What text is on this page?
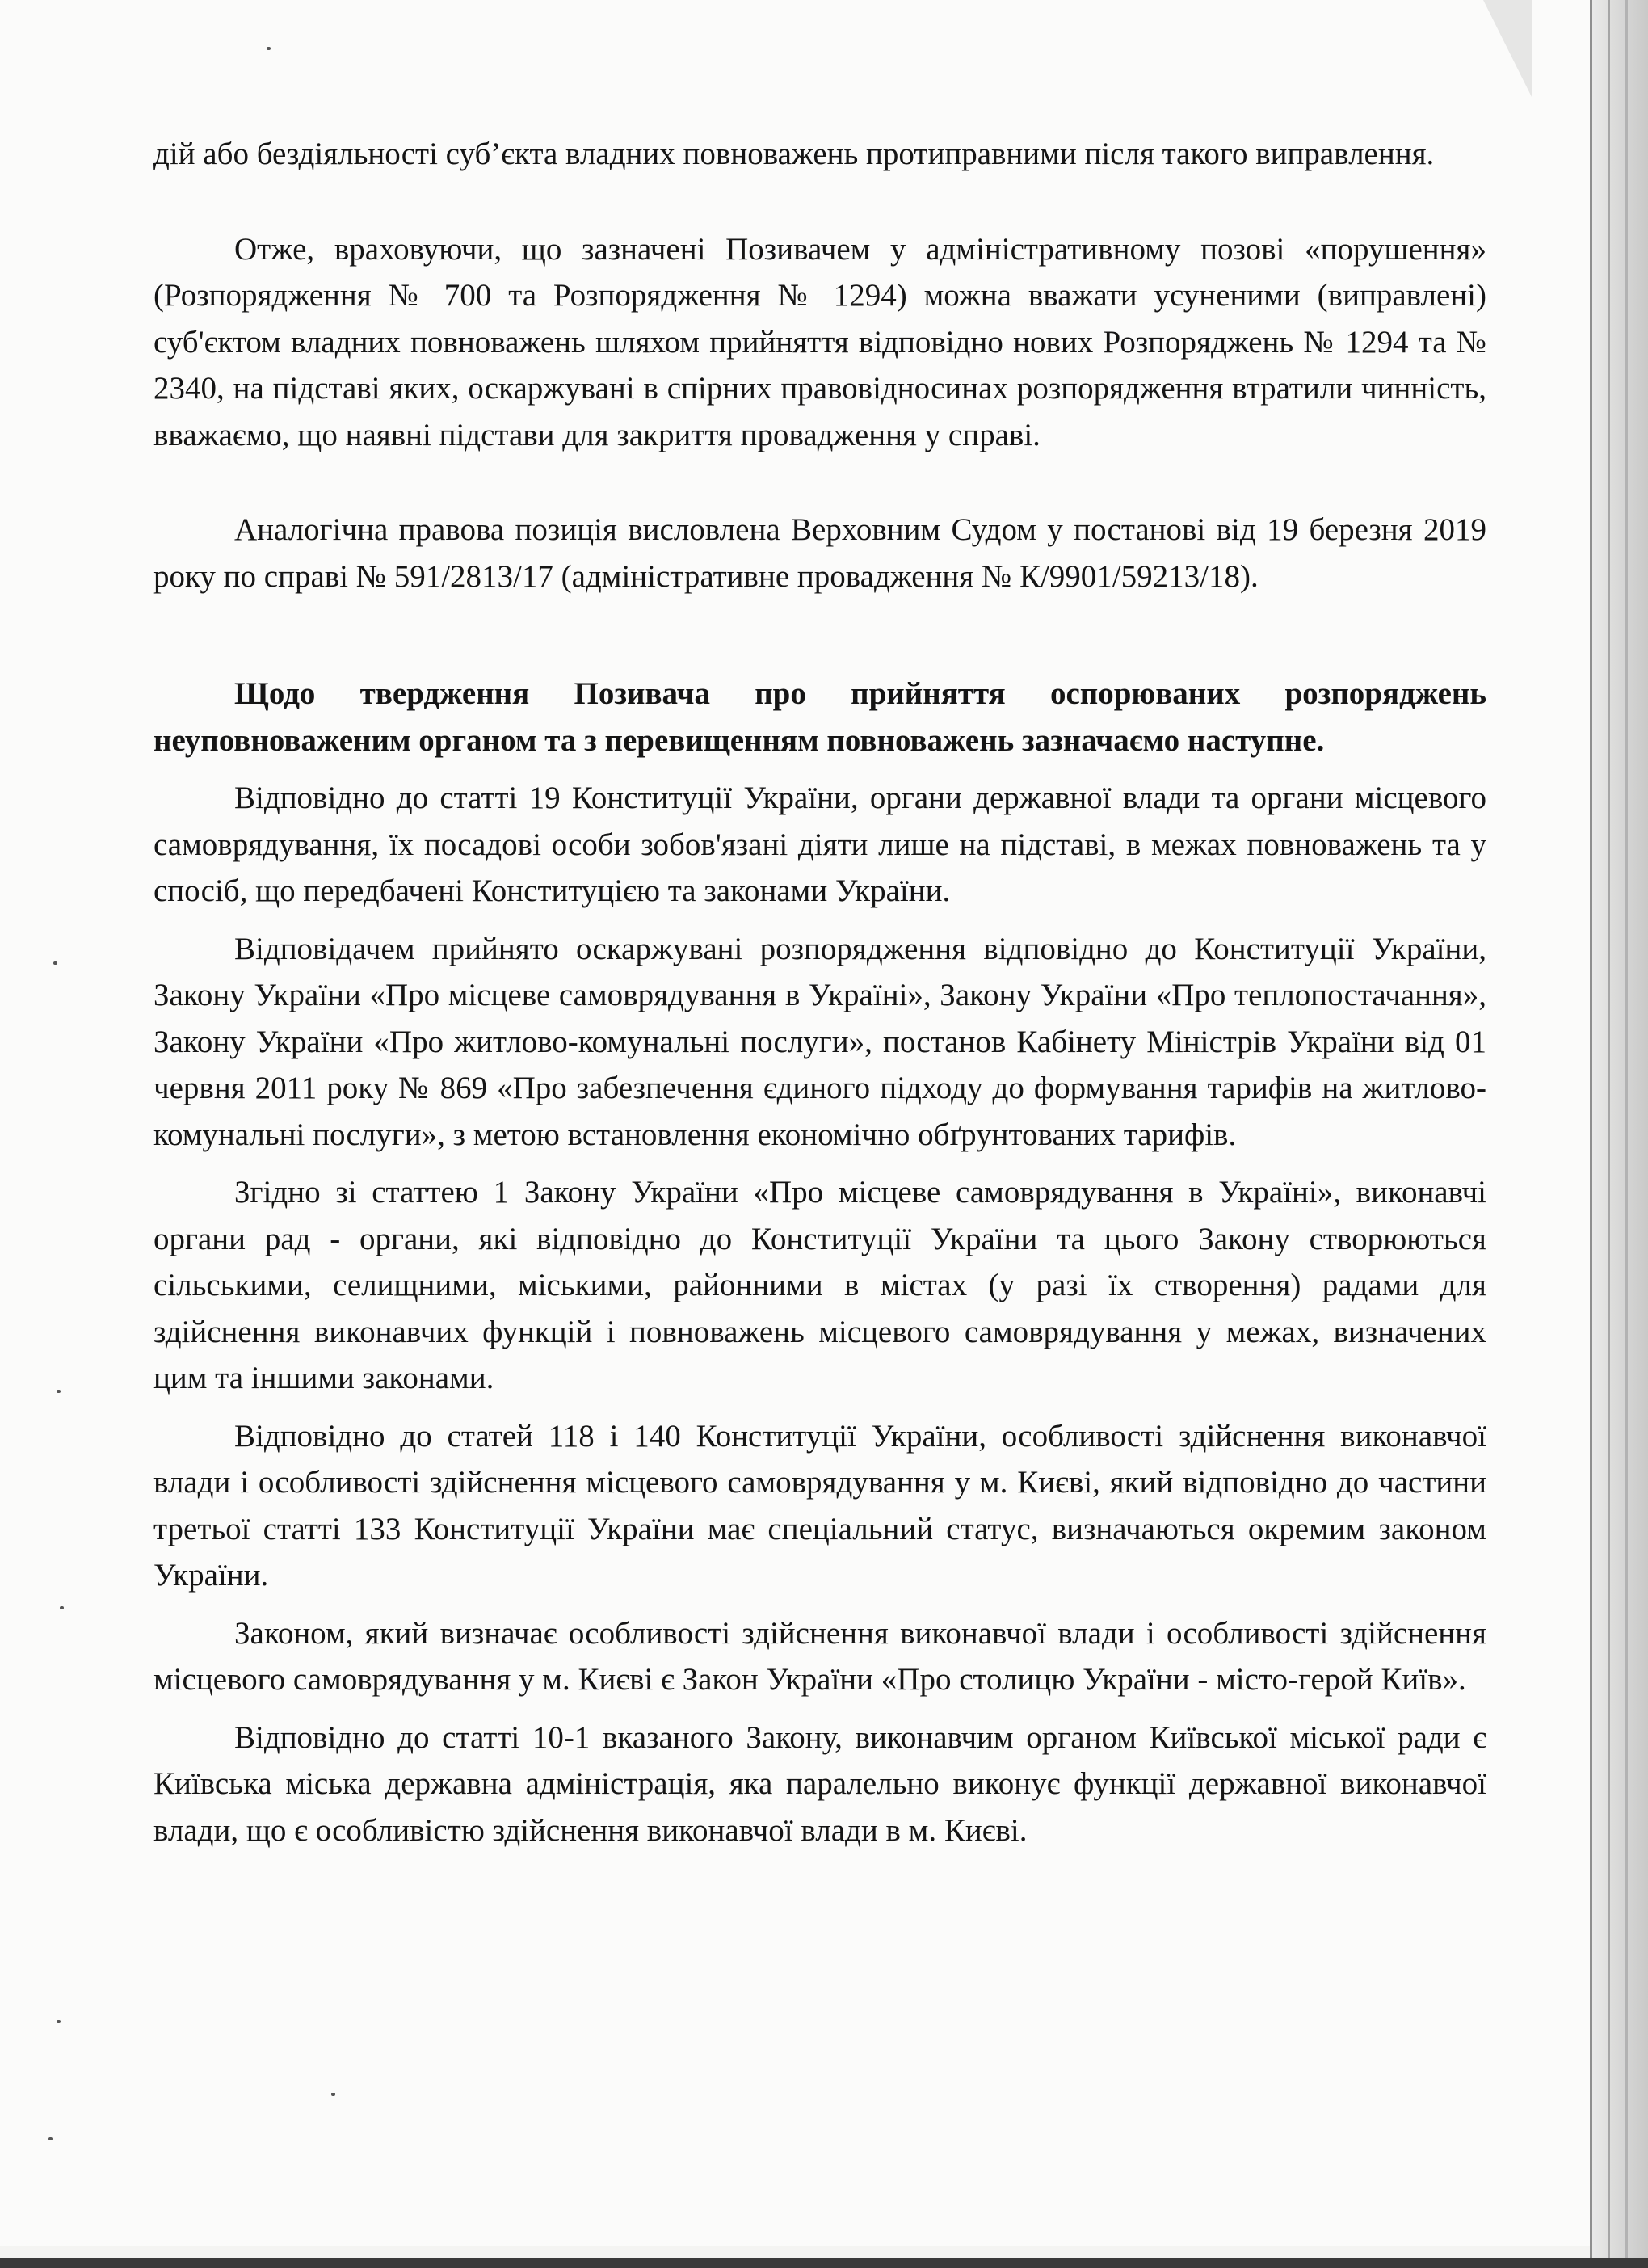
дій або бездіяльності суб’єкта владних повноважень протиправними після такого виправлення.

Отже, враховуючи, що зазначені Позивачем у адміністративному позові «порушення» (Розпорядження № 700 та Розпорядження № 1294) можна вважати усуненими (виправлені) суб'єктом владних повноважень шляхом прийняття відповідно нових Розпоряджень № 1294 та № 2340, на підставі яких, оскаржувані в спірних правовідносинах розпорядження втратили чинність, вважаємо, що наявні підстави для закриття провадження у справі.

Аналогічна правова позиція висловлена Верховним Судом у постанові від 19 березня 2019 року по справі № 591/2813/17 (адміністративне провадження № К/9901/59213/18).

Щодо твердження Позивача про прийняття оспорюваних розпоряджень неуповноваженим органом та з перевищенням повноважень зазначаємо наступне.

Відповідно до статті 19 Конституції України, органи державної влади та органи місцевого самоврядування, їх посадові особи зобов'язані діяти лише на підставі, в межах повноважень та у спосіб, що передбачені Конституцією та законами України.

Відповідачем прийнято оскаржувані розпорядження відповідно до Конституції України, Закону України «Про місцеве самоврядування в Україні», Закону України «Про теплопостачання», Закону України «Про житлово-комунальні послуги», постанов Кабінету Міністрів України від 01 червня 2011 року № 869 «Про забезпечення єдиного підходу до формування тарифів на житлово-комунальні послуги», з метою встановлення економічно обґрунтованих тарифів.

Згідно зі статтею 1 Закону України «Про місцеве самоврядування в Україні», виконавчі органи рад - органи, які відповідно до Конституції України та цього Закону створюються сільськими, селищними, міськими, районними в містах (у разі їх створення) радами для здійснення виконавчих функцій і повноважень місцевого самоврядування у межах, визначених цим та іншими законами.

Відповідно до статей 118 і 140 Конституції України, особливості здійснення виконавчої влади і особливості здійснення місцевого самоврядування у м. Києві, який відповідно до частини третьої статті 133 Конституції України має спеціальний статус, визначаються окремим законом України.

Законом, який визначає особливості здійснення виконавчої влади і особливості здійснення місцевого самоврядування у м. Києві є Закон України «Про столицю України - місто-герой Київ».

Відповідно до статті 10-1 вказаного Закону, виконавчим органом Київської міської ради є Київська міська державна адміністрація, яка паралельно виконує функції державної виконавчої влади, що є особливістю здійснення виконавчої влади в м. Києві.
